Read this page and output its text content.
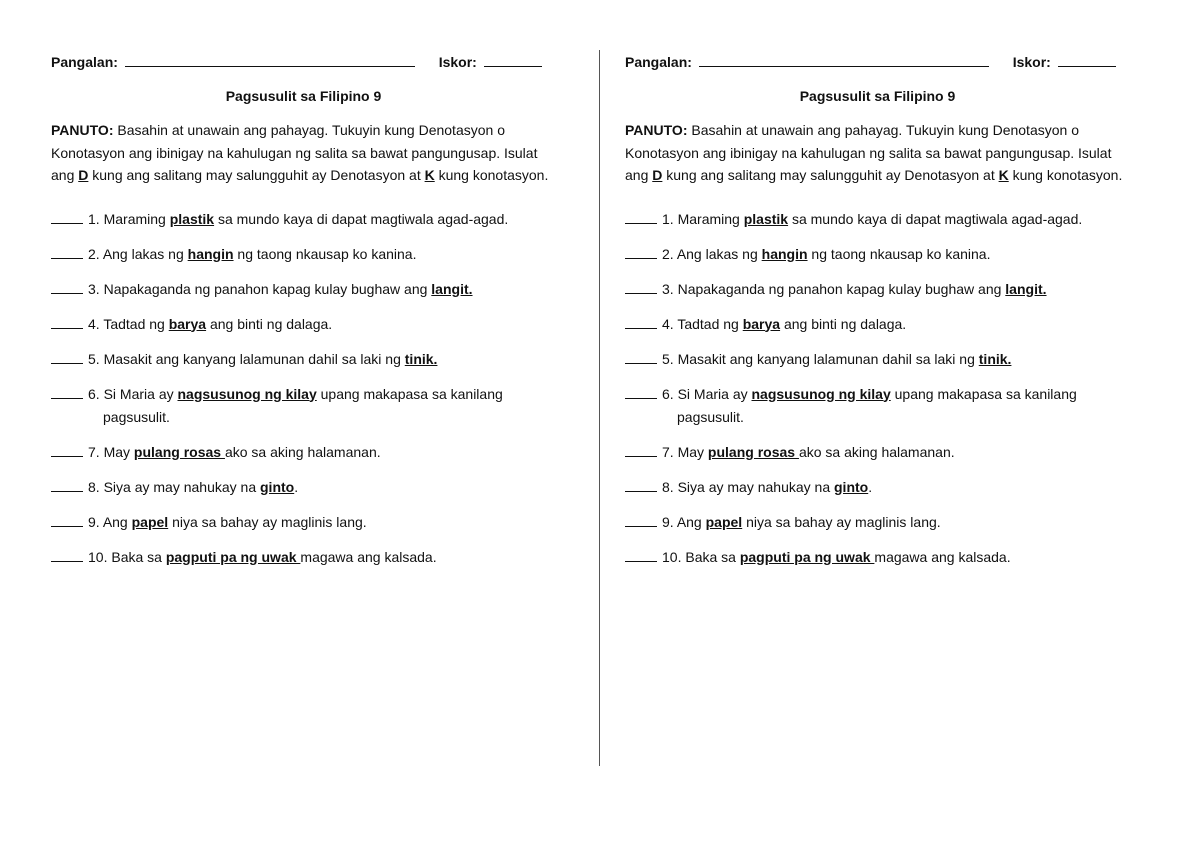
Pangalan:	Iskor:
Pagsusulit sa Filipino 9
PANUTO: Basahin at unawain ang pahayag. Tukuyin kung Denotasyon o Konotasyon ang ibinigay na kahulugan ng salita sa bawat pangungusap. Isulat ang D kung ang salitang may salungguhit ay Denotasyon at K kung konotasyon.
1. Maraming plastik sa mundo kaya di dapat magtiwala agad-agad.
2. Ang lakas ng hangin ng taong nkausap ko kanina.
3. Napakaganda ng panahon kapag kulay bughaw ang langit.
4. Tadtad ng barya ang binti ng dalaga.
5. Masakit ang kanyang lalamunan dahil sa laki ng tinik.
6. Si Maria ay nagsusunog ng kilay upang makapasa sa kanilang pagsusulit.
7. May pulang rosas ako sa aking halamanan.
8. Siya ay may nahukay na ginto.
9. Ang papel niya sa bahay ay maglinis lang.
10. Baka sa pagputi pa ng uwak magawa ang kalsada.
Pangalan:	Iskor:
Pagsusulit sa Filipino 9
PANUTO: Basahin at unawain ang pahayag. Tukuyin kung Denotasyon o Konotasyon ang ibinigay na kahulugan ng salita sa bawat pangungusap. Isulat ang D kung ang salitang may salungguhit ay Denotasyon at K kung konotasyon.
1. Maraming plastik sa mundo kaya di dapat magtiwala agad-agad.
2. Ang lakas ng hangin ng taong nkausap ko kanina.
3. Napakaganda ng panahon kapag kulay bughaw ang langit.
4. Tadtad ng barya ang binti ng dalaga.
5. Masakit ang kanyang lalamunan dahil sa laki ng tinik.
6. Si Maria ay nagsusunog ng kilay upang makapasa sa kanilang pagsusulit.
7. May pulang rosas ako sa aking halamanan.
8. Siya ay may nahukay na ginto.
9. Ang papel niya sa bahay ay maglinis lang.
10. Baka sa pagputi pa ng uwak magawa ang kalsada.
